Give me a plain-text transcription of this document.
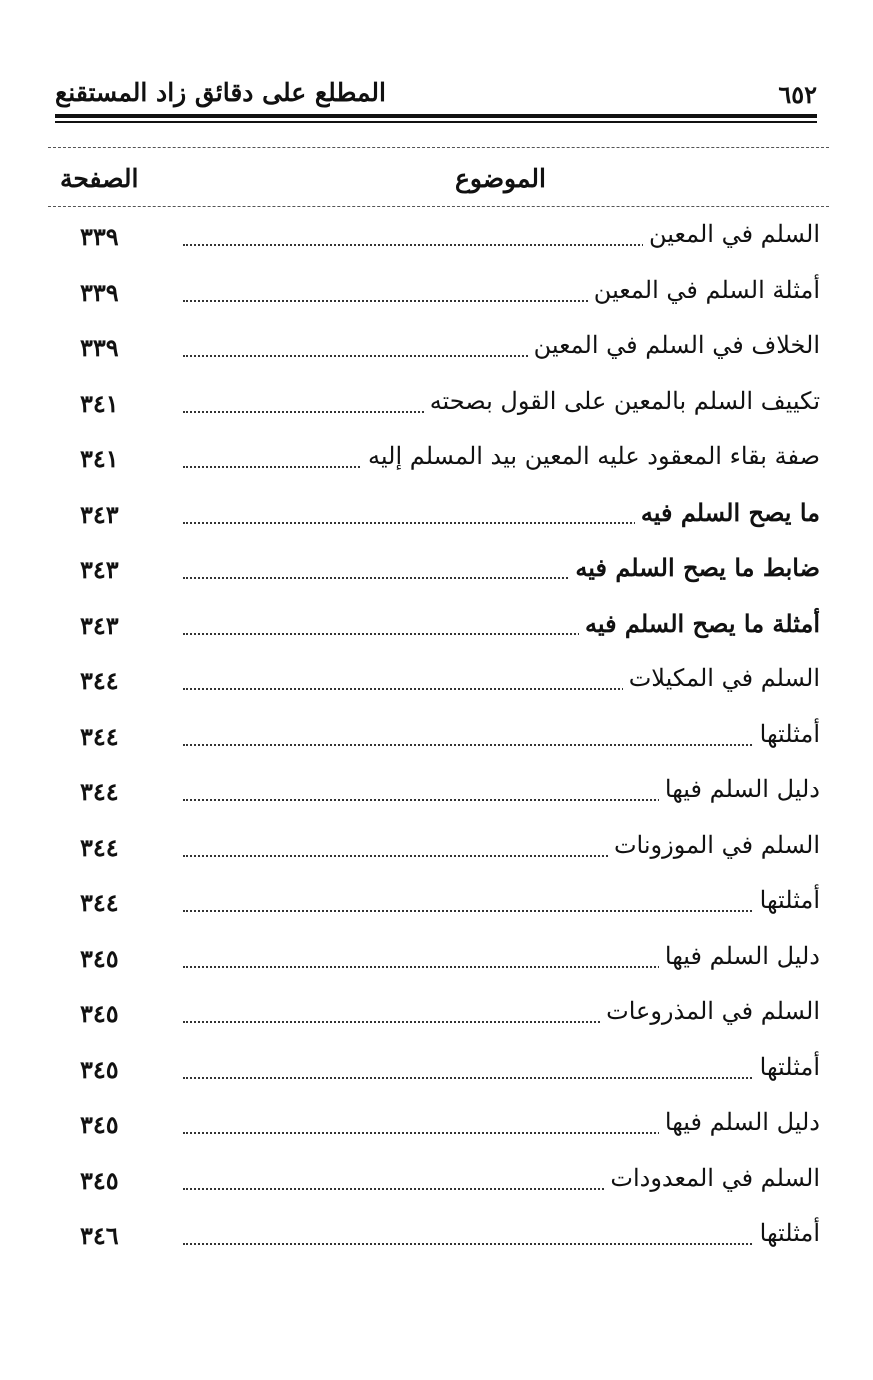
٦٥٢
المطلع على دقائق زاد المستقنع
الموضوع
الصفحة
السلم في المعين
٣٣٩
أمثلة السلم في المعين
٣٣٩
الخلاف في السلم في المعين
٣٣٩
تكييف السلم بالمعين على القول بصحته
٣٤١
صفة بقاء المعقود عليه المعين بيد المسلم إليه
٣٤١
ما يصح السلم فيه
٣٤٣
ضابط ما يصح السلم فيه
٣٤٣
أمثلة ما يصح السلم فيه
٣٤٣
السلم في المكيلات
٣٤٤
أمثلتها
٣٤٤
دليل السلم فيها
٣٤٤
السلم في الموزونات
٣٤٤
أمثلتها
٣٤٤
دليل السلم فيها
٣٤٥
السلم في المذروعات
٣٤٥
أمثلتها
٣٤٥
دليل السلم فيها
٣٤٥
السلم في المعدودات
٣٤٥
أمثلتها
٣٤٦
